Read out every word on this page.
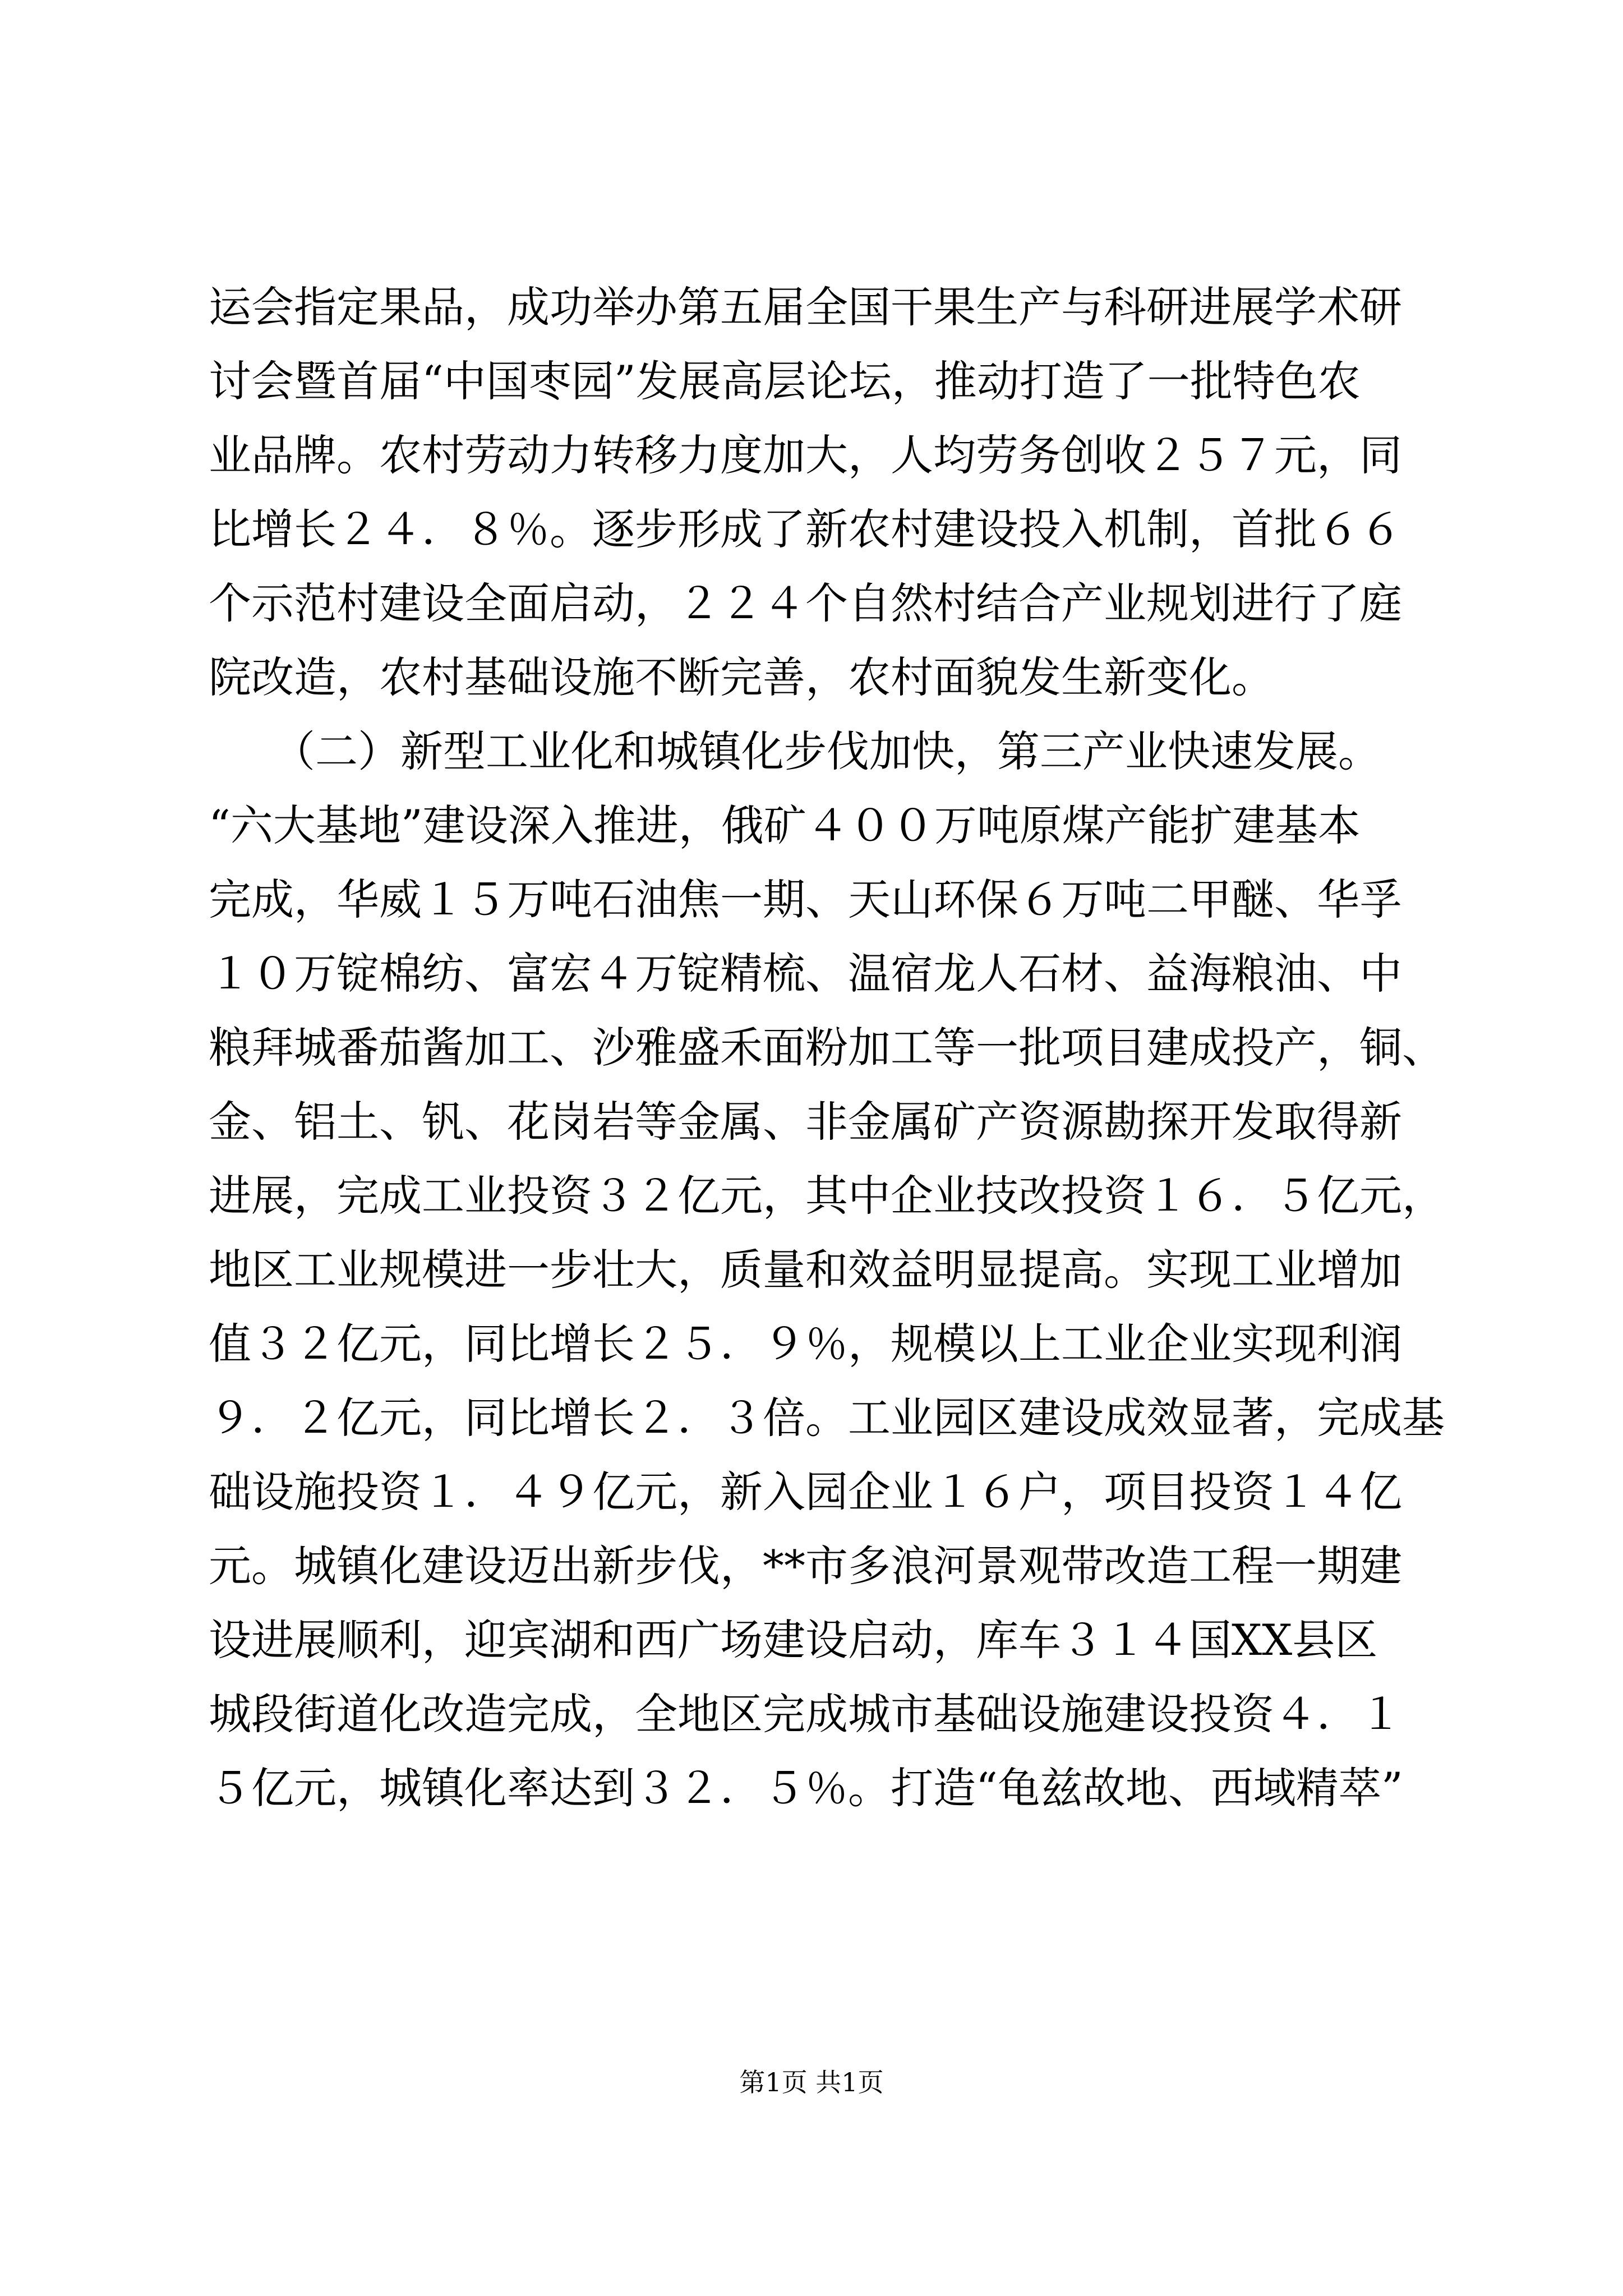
运会指定果品，成功举办第五届全国干果生产与科研进展学术研
讨会暨首届“中国枣园”发展高层论坛，推动打造了一批特色农
业品牌。农村劳动力转移力度加大，人均劳务创收２５７元，同
比增长２４．８％。逐步形成了新农村建设投入机制，首批６６
个示范村建设全面启动，２２４个自然村结合产业规划进行了庭
院改造，农村基础设施不断完善，农村面貌发生新变化。
　　（二）新型工业化和城镇化步伐加快，第三产业快速发展。
“六大基地”建设深入推进，俄矿４００万吨原煤产能扩建基本
完成，华威１５万吨石油焦一期、天山环保６万吨二甲醚、华孚
１０万锭棉纺、富宏４万锭精梳、温宿龙人石材、益海粮油、中
粮拜城番茄酱加工、沙雅盛禾面粉加工等一批项目建成投产，铜、
金、铝土、钒、花岗岩等金属、非金属矿产资源勘探开发取得新
进展，完成工业投资３２亿元，其中企业技改投资１６．５亿元，
地区工业规模进一步壮大，质量和效益明显提高。实现工业增加
值３２亿元，同比增长２５．９％，规模以上工业企业实现利润
９．２亿元，同比增长２．３倍。工业园区建设成效显著，完成基
础设施投资１．４９亿元，新入园企业１６户，项目投资１４亿
元。城镇化建设迈出新步伐，**市多浪河景观带改造工程一期建
设进展顺利，迎宾湖和西广场建设启动，库车３１４国XX县区
城段街道化改造完成，全地区完成城市基础设施建设投资４．１
５亿元，城镇化率达到３２．５％。打造“龟兹故地、西域精萃”
第1页 共1页
